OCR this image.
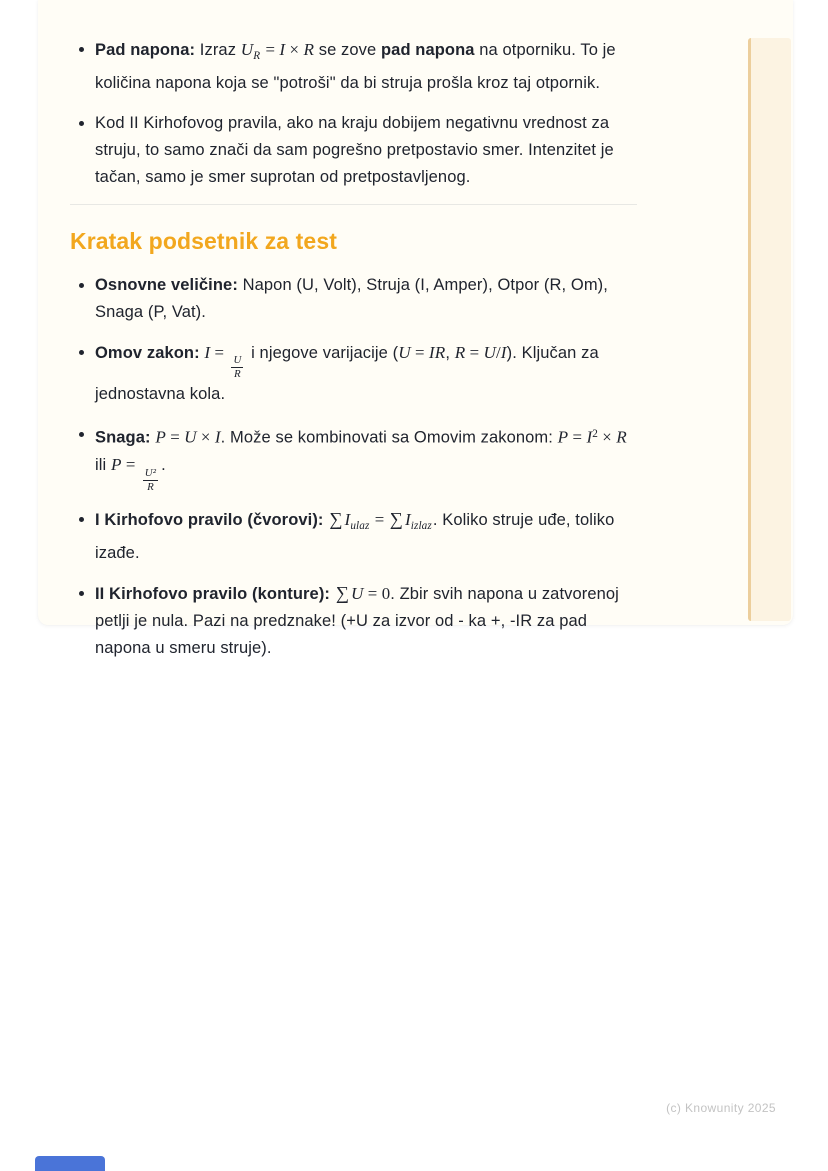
Pad napona: Izraz $U_R = I \times R$ se zove pad napona na otporniku. To je količina napona koja se "potroši" da bi struja prošla kroz taj otpornik.
Kod II Kirhofovog pravila, ako na kraju dobijem negativnu vrednost za struju, to samo znači da sam pogrešno pretpostavio smer. Intenzitet je tačan, samo je smer suprotan od pretpostavljenog.
Kratak podsetnik za test
Osnovne veličine: Napon (U, Volt), Struja (I, Amper), Otpor (R, Om), Snaga (P, Vat).
Omov zakon: I =
$\frac{U}{R}$
i njegove varijacije (U = IR, R = U/I). Ključan za jednostavna kola.
Snaga: P = U × I. Može se kombinovati sa Omovim zakonom: $P = I^2 \times R$ ili P =
$\frac{\text{U²}}{R}$
.
I Kirhofovo pravilo (čvorovi): ∑ $I_{ulaz}$ = ∑ $I_{izlaz}$. Koliko struje uđe, toliko izađe.
II Kirhofovo pravilo (konture): ∑ U = 0. Zbir svih napona u zatvorenoj petlji je nula. Pazi na predznake! (+U za izvor od - ka +, -IR za pad napona u smeru struje).
(c) Knowunity 2025
